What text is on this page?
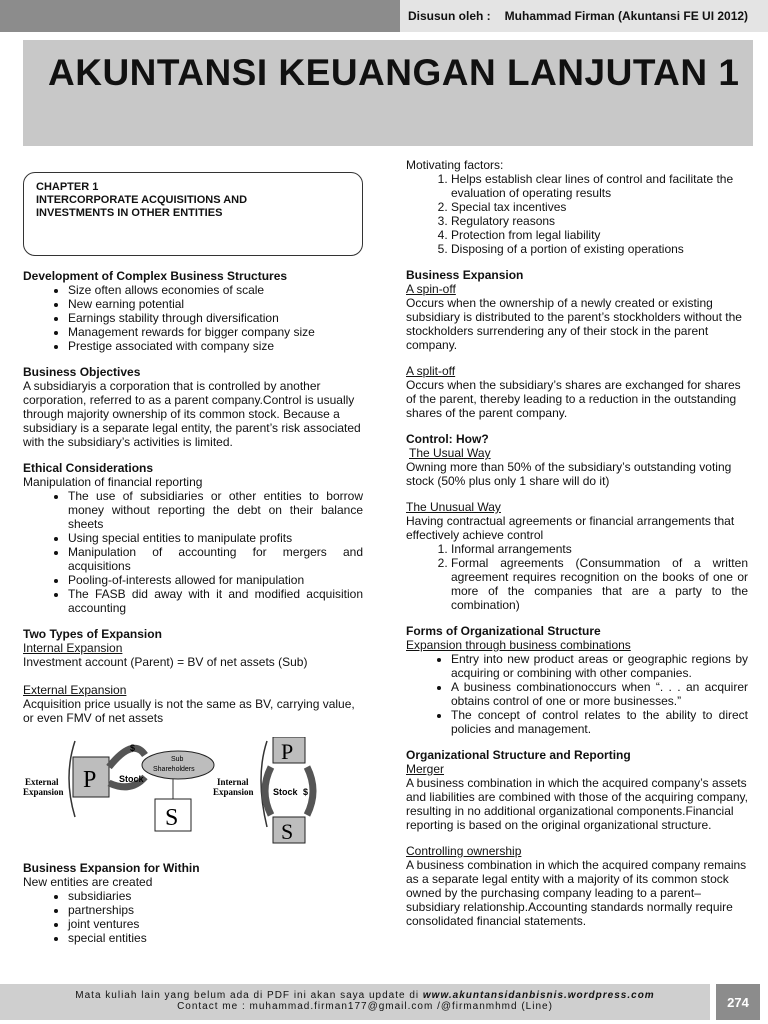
Disusun oleh : Muhammad Firman (Akuntansi FE UI 2012)
AKUNTANSI KEUANGAN LANJUTAN 1
CHAPTER 1
INTERCORPORATE ACQUISITIONS AND
INVESTMENTS IN OTHER ENTITIES
Development of Complex Business Structures
• Size often allows economies of scale
• New earning potential
• Earnings stability through diversification
• Management rewards for bigger company size
• Prestige associated with company size
Business Objectives
A subsidiaryis a corporation that is controlled by another corporation, referred to as a parent company.Control is usually through majority ownership of its common stock. Because a subsidiary is a separate legal entity, the parent’s risk associated with the subsidiary’s activities is limited.
Ethical Considerations
Manipulation of financial reporting
• The use of subsidiaries or other entities to borrow money without reporting the debt on their balance sheets
• Using special entities to manipulate profits
• Manipulation of accounting for mergers and acquisitions
• Pooling-of-interests allowed for manipulation
• The FASB did away with it and modified acquisition accounting
Two Types of Expansion
Internal Expansion
Investment account (Parent) = BV of net assets (Sub)
External Expansion
Acquisition price usually is not the same as BV, carrying value, or even FMV of net assets
External
Expansion P
Sub
Shareholders
$
Stock
S
Internal
Expansion
P
Stock $
S
Business Expansion for Within
New entities are created
• subsidiaries
• partnerships
• joint ventures
• special entities
Motivating factors:
1. Helps establish clear lines of control and facilitate the evaluation of operating results
2. Special tax incentives
3. Regulatory reasons
4. Protection from legal liability
5. Disposing of a portion of existing operations
Business Expansion
A spin-off
Occurs when the ownership of a newly created or existing subsidiary is distributed to the parent’s stockholders without the stockholders surrendering any of their stock in the parent company.
A split-off
Occurs when the subsidiary’s shares are exchanged for shares of the parent, thereby leading to a reduction in the outstanding shares of the parent company.
Control: How?
The Usual Way
Owning more than 50% of the subsidiary’s outstanding voting stock (50% plus only 1 share will do it)
The Unusual Way
Having contractual agreements or financial arrangements that effectively achieve control
1. Informal arrangements
2. Formal agreements (Consummation of a written agreement requires recognition on the books of one or more of the companies that are a party to the combination)
Forms of Organizational Structure
Expansion through business combinations
• Entry into new product areas or geographic regions by acquiring or combining with other companies.
• A business combinationoccurs when “. . . an acquirer obtains control of one or more businesses.”
• The concept of control relates to the ability to direct policies and management.
Organizational Structure and Reporting
Merger
A business combination in which the acquired company’s assets and liabilities are combined with those of the acquiring company, resulting in no additional organizational components.Financial reporting is based on the original organizational structure.
Controlling ownership
A business combination in which the acquired company remains as a separate legal entity with a majority of its common stock owned by the purchasing company leading to a parent–subsidiary relationship.Accounting standards normally require consolidated financial statements.
Mata kuliah lain yang belum ada di PDF ini akan saya update di www.akuntansidanbisnis.wordpress.com
Contact me : muhammad.firman177@gmail.com /@firmanmhmd (Line)	274
